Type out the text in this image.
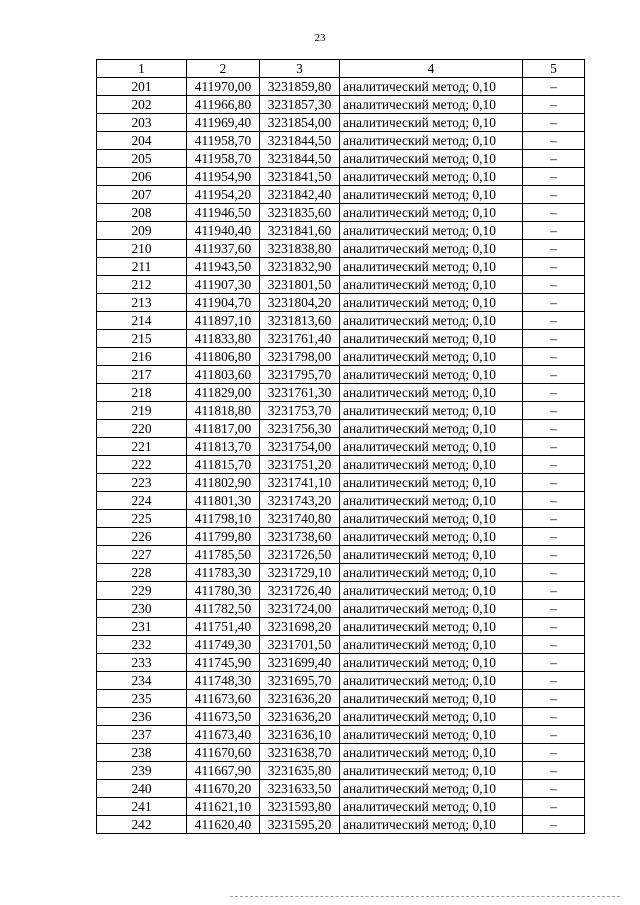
23
1	2	3	4	5
201	411970,00	3231859,80	аналитический метод; 0,10	–
202	411966,80	3231857,30	аналитический метод; 0,10	–
203	411969,40	3231854,00	аналитический метод; 0,10	–
204	411958,70	3231844,50	аналитический метод; 0,10	–
205	411958,70	3231844,50	аналитический метод; 0,10	–
206	411954,90	3231841,50	аналитический метод; 0,10	–
207	411954,20	3231842,40	аналитический метод; 0,10	–
208	411946,50	3231835,60	аналитический метод; 0,10	–
209	411940,40	3231841,60	аналитический метод; 0,10	–
210	411937,60	3231838,80	аналитический метод; 0,10	–
211	411943,50	3231832,90	аналитический метод; 0,10	–
212	411907,30	3231801,50	аналитический метод; 0,10	–
213	411904,70	3231804,20	аналитический метод; 0,10	–
214	411897,10	3231813,60	аналитический метод; 0,10	–
215	411833,80	3231761,40	аналитический метод; 0,10	–
216	411806,80	3231798,00	аналитический метод; 0,10	–
217	411803,60	3231795,70	аналитический метод; 0,10	–
218	411829,00	3231761,30	аналитический метод; 0,10	–
219	411818,80	3231753,70	аналитический метод; 0,10	–
220	411817,00	3231756,30	аналитический метод; 0,10	–
221	411813,70	3231754,00	аналитический метод; 0,10	–
222	411815,70	3231751,20	аналитический метод; 0,10	–
223	411802,90	3231741,10	аналитический метод; 0,10	–
224	411801,30	3231743,20	аналитический метод; 0,10	–
225	411798,10	3231740,80	аналитический метод; 0,10	–
226	411799,80	3231738,60	аналитический метод; 0,10	–
227	411785,50	3231726,50	аналитический метод; 0,10	–
228	411783,30	3231729,10	аналитический метод; 0,10	–
229	411780,30	3231726,40	аналитический метод; 0,10	–
230	411782,50	3231724,00	аналитический метод; 0,10	–
231	411751,40	3231698,20	аналитический метод; 0,10	–
232	411749,30	3231701,50	аналитический метод; 0,10	–
233	411745,90	3231699,40	аналитический метод; 0,10	–
234	411748,30	3231695,70	аналитический метод; 0,10	–
235	411673,60	3231636,20	аналитический метод; 0,10	–
236	411673,50	3231636,20	аналитический метод; 0,10	–
237	411673,40	3231636,10	аналитический метод; 0,10	–
238	411670,60	3231638,70	аналитический метод; 0,10	–
239	411667,90	3231635,80	аналитический метод; 0,10	–
240	411670,20	3231633,50	аналитический метод; 0,10	–
241	411621,10	3231593,80	аналитический метод; 0,10	–
242	411620,40	3231595,20	аналитический метод; 0,10	–
